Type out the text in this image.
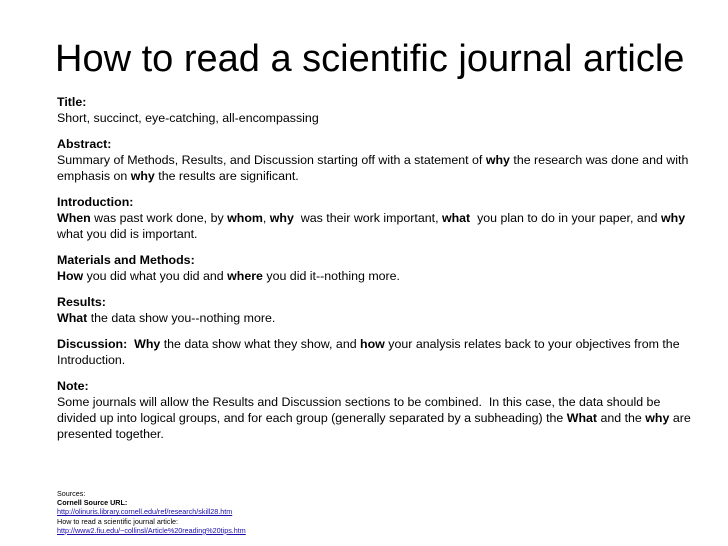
How to read a scientific journal article
Title:
Short, succinct, eye-catching, all-encompassing
Abstract:
Summary of Methods, Results, and Discussion starting off with a statement of why the research was done and with emphasis on why the results are significant.
Introduction:
When was past work done, by whom, why  was their work important, what  you plan to do in your paper, and why what you did is important.
Materials and Methods:
How you did what you did and where you did it--nothing more.
Results:
What the data show you--nothing more.
Discussion: Why the data show what they show, and how your analysis relates back to your objectives from the Introduction.
Note:
Some journals will allow the Results and Discussion sections to be combined.  In this case, the data should be divided up into logical groups, and for each group (generally separated by a subheading) the What and the why are presented together.
Sources:
Cornell Source URL:
http://olinuris.library.cornell.edu/ref/research/skill28.htm
How to read a scientific journal article:
http://www2.fiu.edu/~collinsl/Article%20reading%20tips.htm
